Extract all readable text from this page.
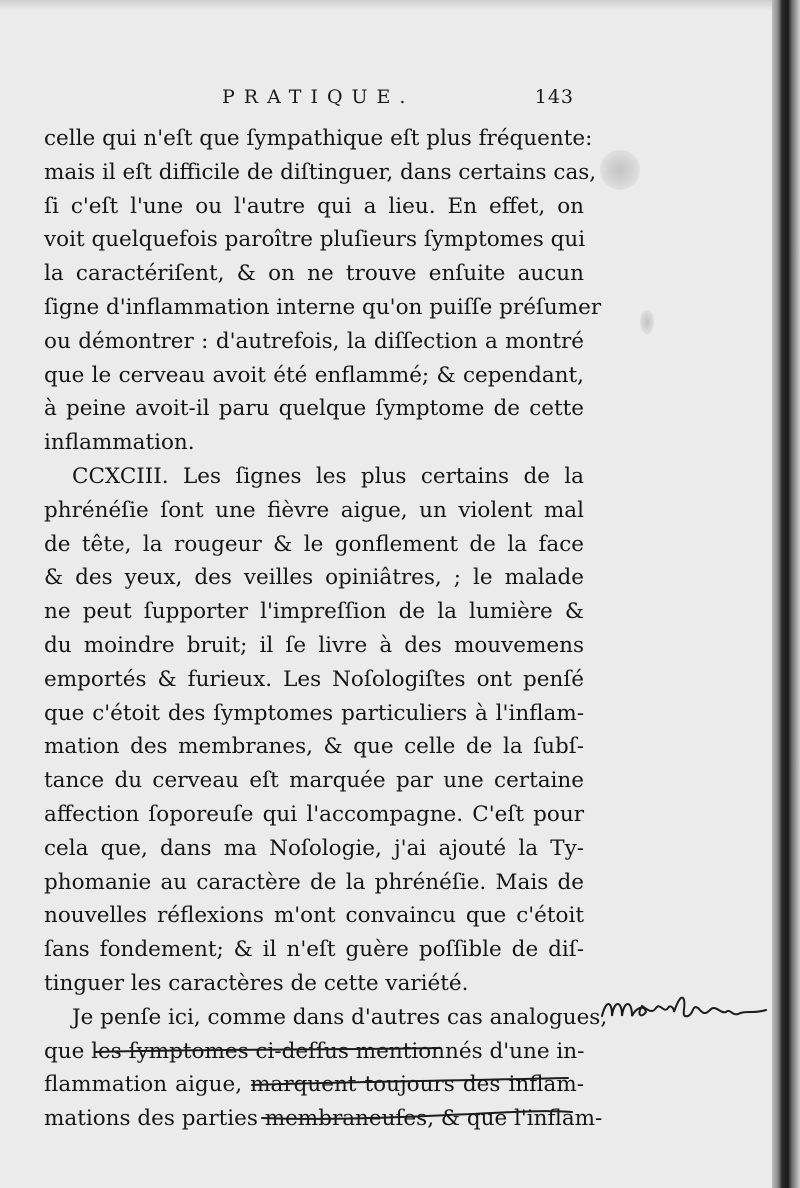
PRATIQUE.	143
celle qui n'eſt que ſympathique eſt plus fréquente:
mais il eſt difficile de diſtinguer, dans certains cas,
ſi c'eſt l'une ou l'autre qui a lieu. En effet, on
voit quelquefois paroître pluſieurs ſymptomes qui
la caractériſent, & on ne trouve enſuite aucun
ſigne d'inflammation interne qu'on puiſſe préſumer
ou démontrer : d'autrefois, la diſſection a montré
que le cerveau avoit été enflammé; & cependant,
à peine avoit-il paru quelque ſymptome de cette
inflammation.
CCXCIII. Les ſignes les plus certains de la
phrénéſie ſont une fièvre aigue, un violent mal
de tête, la rougeur & le gonflement de la face
& des yeux, des veilles opiniâtres, ; le malade
ne peut ſupporter l'impreſſion de la lumière &
du moindre bruit; il ſe livre à des mouvemens
emportés & furieux. Les Noſologiſtes ont penſé
que c'étoit des ſymptomes particuliers à l'inflam-
mation des membranes, & que celle de la ſubſ-
tance du cerveau eſt marquée par une certaine
affection ſoporeuſe qui l'accompagne. C'eſt pour
cela que, dans ma Noſologie, j'ai ajouté la Ty-
phomanie au caractère de la phrénéſie. Mais de
nouvelles réflexions m'ont convaincu que c'étoit
ſans fondement; & il n'eſt guère poſſible de diſ-
tinguer les caractères de cette variété.
Je penſe ici, comme dans d'autres cas analogues,
que les ſymptomes ci-deſſus mentionnés d'une in-
flammation aigue, marquent toujours des inflam-
mations des parties membraneuſes, & que l'inflam-
